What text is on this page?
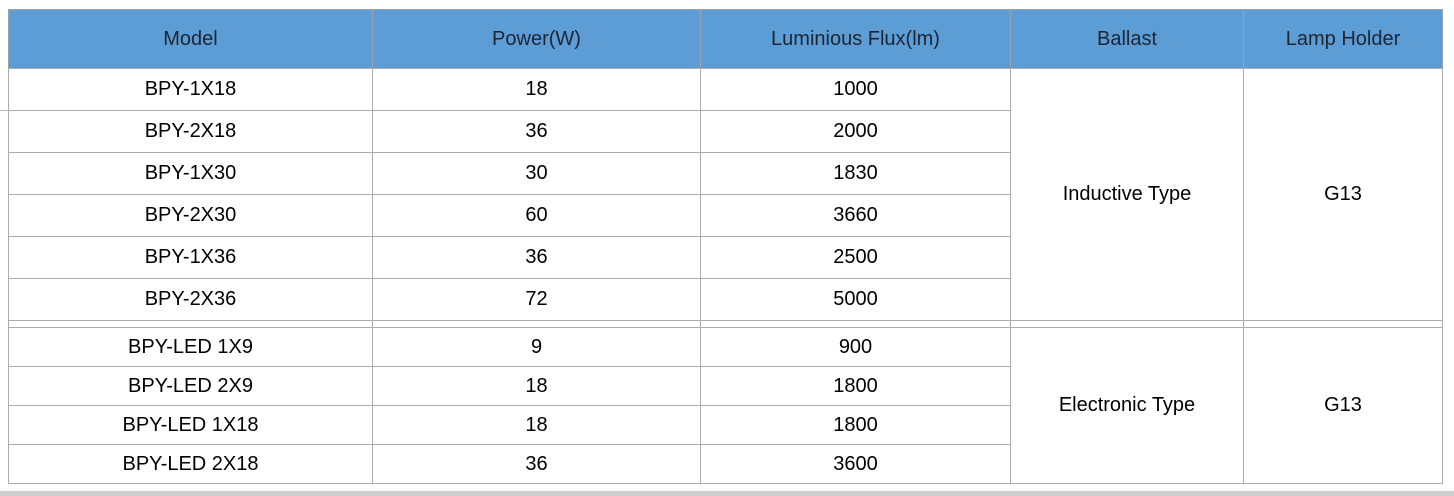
Model	Power(W)	Luminious Flux(lm)	Ballast	Lamp Holder
BPY-1X18	18	1000	Inductive Type	G13
BPY-2X18	36	2000		
BPY-1X30	30	1830		
BPY-2X30	60	3660		
BPY-1X36	36	2500		
BPY-2X36	72	5000		

BPY-LED 1X9	9	900	Electronic Type	G13
BPY-LED 2X9	18	1800		
BPY-LED 1X18	18	1800		
BPY-LED 2X18	36	3600		
